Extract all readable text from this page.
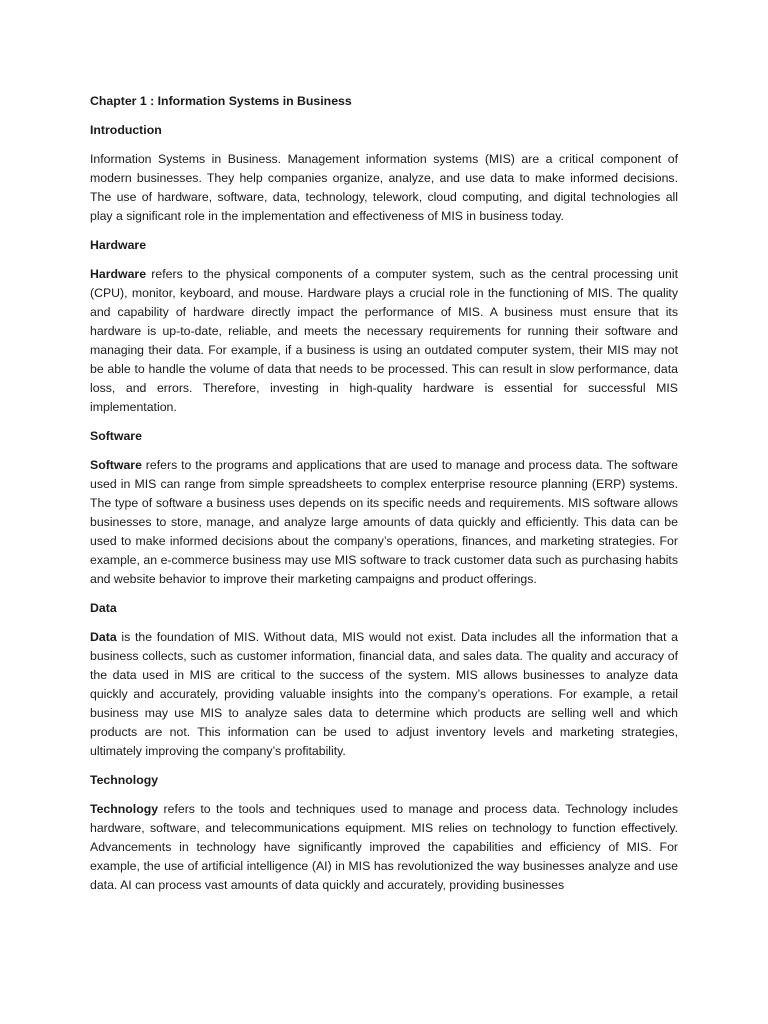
Chapter 1 : Information Systems in Business
Introduction

Information Systems in Business. Management information systems (MIS) are a critical component of modern businesses. They help companies organize, analyze, and use data to make informed decisions. The use of hardware, software, data, technology, telework, cloud computing, and digital technologies all play a significant role in the implementation and effectiveness of MIS in business today.

Hardware

Hardware refers to the physical components of a computer system, such as the central processing unit (CPU), monitor, keyboard, and mouse. Hardware plays a crucial role in the functioning of MIS. The quality and capability of hardware directly impact the performance of MIS. A business must ensure that its hardware is up-to-date, reliable, and meets the necessary requirements for running their software and managing their data. For example, if a business is using an outdated computer system, their MIS may not be able to handle the volume of data that needs to be processed. This can result in slow performance, data loss, and errors. Therefore, investing in high-quality hardware is essential for successful MIS implementation.

Software

Software refers to the programs and applications that are used to manage and process data. The software used in MIS can range from simple spreadsheets to complex enterprise resource planning (ERP) systems. The type of software a business uses depends on its specific needs and requirements. MIS software allows businesses to store, manage, and analyze large amounts of data quickly and efficiently. This data can be used to make informed decisions about the company’s operations, finances, and marketing strategies. For example, an e-commerce business may use MIS software to track customer data such as purchasing habits and website behavior to improve their marketing campaigns and product offerings.

Data

Data is the foundation of MIS. Without data, MIS would not exist. Data includes all the information that a business collects, such as customer information, financial data, and sales data. The quality and accuracy of the data used in MIS are critical to the success of the system. MIS allows businesses to analyze data quickly and accurately, providing valuable insights into the company’s operations. For example, a retail business may use MIS to analyze sales data to determine which products are selling well and which products are not. This information can be used to adjust inventory levels and marketing strategies, ultimately improving the company’s profitability.

Technology

Technology refers to the tools and techniques used to manage and process data. Technology includes hardware, software, and telecommunications equipment. MIS relies on technology to function effectively. Advancements in technology have significantly improved the capabilities and efficiency of MIS. For example, the use of artificial intelligence (AI) in MIS has revolutionized the way businesses analyze and use data. AI can process vast amounts of data quickly and accurately, providing businesses
